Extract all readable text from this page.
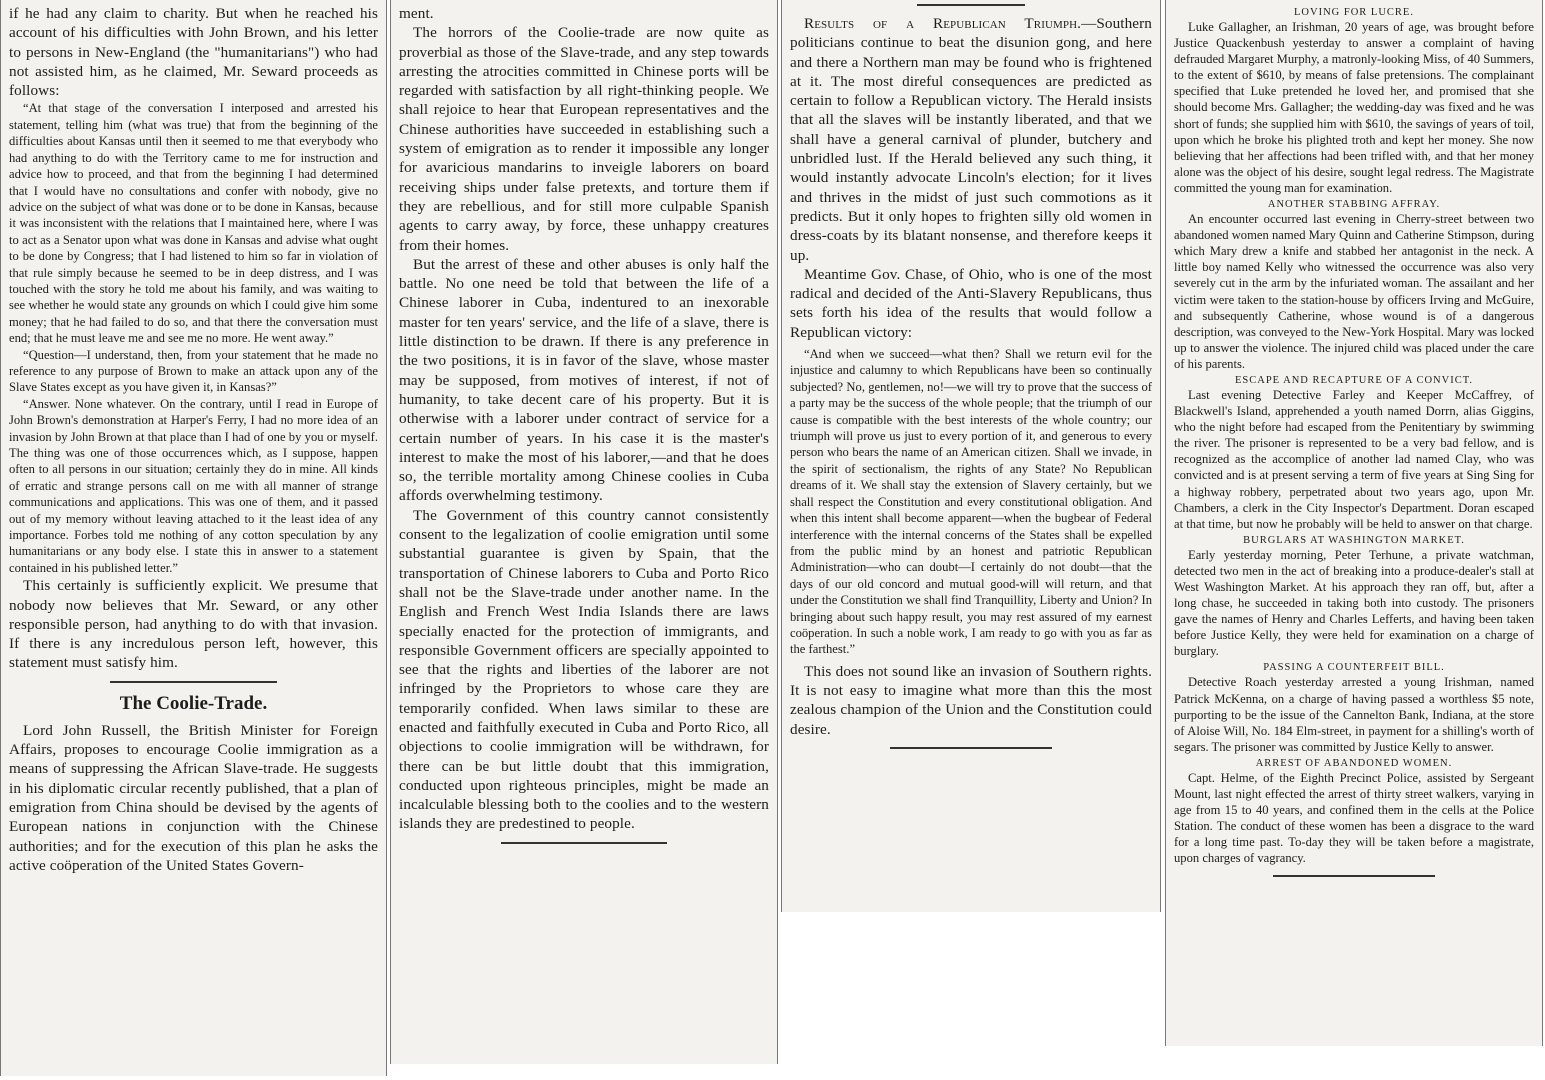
if he had any claim to charity. But when he reached his account of his difficulties with John Brown, and his letter to persons in New-England (the "humanitarians") who had not assisted him, as he claimed, Mr. Seward proceeds as follows:

“At that stage of the conversation I interposed and arrested his statement, telling him (what was true) that from the beginning of the difficulties about Kansas until then it seemed to me that everybody who had anything to do with the Territory came to me for instruction and advice how to proceed, and that from the beginning I had determined that I would have no consultations and confer with nobody, give no advice on the subject of what was done or to be done in Kansas, because it was inconsistent with the relations that I maintained here, where I was to act as a Senator upon what was done in Kansas and advise what ought to be done by Congress; that I had listened to him so far in violation of that rule simply because he seemed to be in deep distress, and I was touched with the story he told me about his family, and was waiting to see whether he would state any grounds on which I could give him some money; that he had failed to do so, and that there the conversation must end; that he must leave me and see me no more. He went away.”

“Question—I understand, then, from your statement that he made no reference to any purpose of Brown to make an attack upon any of the Slave States except as you have given it, in Kansas?”

“Answer. None whatever. On the contrary, until I read in Europe of John Brown's demonstration at Harper's Ferry, I had no more idea of an invasion by John Brown at that place than I had of one by you or myself. The thing was one of those occurrences which, as I suppose, happen often to all persons in our situation; certainly they do in mine. All kinds of erratic and strange persons call on me with all manner of strange communications and applications. This was one of them, and it passed out of my memory without leaving attached to it the least idea of any importance. Forbes told me nothing of any cotton speculation by any humanitarians or any body else. I state this in answer to a statement contained in his published letter.”

This certainly is sufficiently explicit. We presume that nobody now believes that Mr. Seward, or any other responsible person, had anything to do with that invasion. If there is any incredulous person left, however, this statement must satisfy him.

The Coolie-Trade.

Lord John Russell, the British Minister for Foreign Affairs, proposes to encourage Coolie immigration as a means of suppressing the African Slave-trade. He suggests in his diplomatic circular recently published, that a plan of emigration from China should be devised by the agents of European nations in conjunction with the Chinese authorities; and for the execution of this plan he asks the active coöperation of the United States Govern-

ment.

The horrors of the Coolie-trade are now quite as proverbial as those of the Slave-trade, and any step towards arresting the atrocities committed in Chinese ports will be regarded with satisfaction by all right-thinking people. We shall rejoice to hear that European representatives and the Chinese authorities have succeeded in establishing such a system of emigration as to render it impossible any longer for avaricious mandarins to inveigle laborers on board receiving ships under false pretexts, and torture them if they are rebellious, and for still more culpable Spanish agents to carry away, by force, these unhappy creatures from their homes.

But the arrest of these and other abuses is only half the battle. No one need be told that between the life of a Chinese laborer in Cuba, indentured to an inexorable master for ten years' service, and the life of a slave, there is little distinction to be drawn. If there is any preference in the two positions, it is in favor of the slave, whose master may be supposed, from motives of interest, if not of humanity, to take decent care of his property. But it is otherwise with a laborer under contract of service for a certain number of years. In his case it is the master's interest to make the most of his laborer,—and that he does so, the terrible mortality among Chinese coolies in Cuba affords overwhelming testimony.

The Government of this country cannot consistently consent to the legalization of coolie emigration until some substantial guarantee is given by Spain, that the transportation of Chinese laborers to Cuba and Porto Rico shall not be the Slave-trade under another name. In the English and French West India Islands there are laws specially enacted for the protection of immigrants, and responsible Government officers are specially appointed to see that the rights and liberties of the laborer are not infringed by the Proprietors to whose care they are temporarily confided. When laws similar to these are enacted and faithfully executed in Cuba and Porto Rico, all objections to coolie immigration will be withdrawn, for there can be but little doubt that this immigration, conducted upon righteous principles, might be made an incalculable blessing both to the coolies and to the western islands they are predestined to people.

Results of a Republican Triumph.—Southern politicians continue to beat the disunion gong, and here and there a Northern man may be found who is frightened at it. The most direful consequences are predicted as certain to follow a Republican victory. The Herald insists that all the slaves will be instantly liberated, and that we shall have a general carnival of plunder, butchery and unbridled lust. If the Herald believed any such thing, it would instantly advocate Lincoln's election; for it lives and thrives in the midst of just such commotions as it predicts. But it only hopes to frighten silly old women in dress-coats by its blatant nonsense, and therefore keeps it up.

Meantime Gov. Chase, of Ohio, who is one of the most radical and decided of the Anti-Slavery Republicans, thus sets forth his idea of the results that would follow a Republican victory:

“And when we succeed—what then? Shall we return evil for the injustice and calumny to which Republicans have been so continually subjected? No, gentlemen, no!—we will try to prove that the success of a party may be the success of the whole people; that the triumph of our cause is compatible with the best interests of the whole country; our triumph will prove us just to every portion of it, and generous to every person who bears the name of an American citizen. Shall we invade, in the spirit of sectionalism, the rights of any State? No Republican dreams of it. We shall stay the extension of Slavery certainly, but we shall respect the Constitution and every constitutional obligation. And when this intent shall become apparent—when the bugbear of Federal interference with the internal concerns of the States shall be expelled from the public mind by an honest and patriotic Republican Administration—who can doubt—I certainly do not doubt—that the days of our old concord and mutual good-will will return, and that under the Constitution we shall find Tranquillity, Liberty and Union? In bringing about such happy result, you may rest assured of my earnest coöperation. In such a noble work, I am ready to go with you as far as the farthest.”

This does not sound like an invasion of Southern rights. It is not easy to imagine what more than this the most zealous champion of the Union and the Constitution could desire.

LOVING FOR LUCRE.

Luke Gallagher, an Irishman, 20 years of age, was brought before Justice Quackenbush yesterday to answer a complaint of having defrauded Margaret Murphy, a matronly-looking Miss, of 40 Summers, to the extent of $610, by means of false pretensions. The complainant specified that Luke pretended he loved her, and promised that she should become Mrs. Gallagher; the wedding-day was fixed and he was short of funds; she supplied him with $610, the savings of years of toil, upon which he broke his plighted troth and kept her money. She now believing that her affections had been trifled with, and that her money alone was the object of his desire, sought legal redress. The Magistrate committed the young man for examination.

ANOTHER STABBING AFFRAY.

An encounter occurred last evening in Cherry-street between two abandoned women named Mary Quinn and Catherine Stimpson, during which Mary drew a knife and stabbed her antagonist in the neck. A little boy named Kelly who witnessed the occurrence was also very severely cut in the arm by the infuriated woman. The assailant and her victim were taken to the station-house by officers Irving and McGuire, and subsequently Catherine, whose wound is of a dangerous description, was conveyed to the New-York Hospital. Mary was locked up to answer the violence. The injured child was placed under the care of his parents.

ESCAPE AND RECAPTURE OF A CONVICT.

Last evening Detective Farley and Keeper McCaffrey, of Blackwell's Island, apprehended a youth named Dorrn, alias Giggins, who the night before had escaped from the Penitentiary by swimming the river. The prisoner is represented to be a very bad fellow, and is recognized as the accomplice of another lad named Clay, who was convicted and is at present serving a term of five years at Sing Sing for a highway robbery, perpetrated about two years ago, upon Mr. Chambers, a clerk in the City Inspector's Department. Doran escaped at that time, but now he probably will be held to answer on that charge.

BURGLARS AT WASHINGTON MARKET.

Early yesterday morning, Peter Terhune, a private watchman, detected two men in the act of breaking into a produce-dealer's stall at West Washington Market. At his approach they ran off, but, after a long chase, he succeeded in taking both into custody. The prisoners gave the names of Henry and Charles Lefferts, and having been taken before Justice Kelly, they were held for examination on a charge of burglary.

PASSING A COUNTERFEIT BILL.

Detective Roach yesterday arrested a young Irishman, named Patrick McKenna, on a charge of having passed a worthless $5 note, purporting to be the issue of the Cannelton Bank, Indiana, at the store of Aloise Will, No. 184 Elm-street, in payment for a shilling's worth of segars. The prisoner was committed by Justice Kelly to answer.

ARREST OF ABANDONED WOMEN.

Capt. Helme, of the Eighth Precinct Police, assisted by Sergeant Mount, last night effected the arrest of thirty street walkers, varying in age from 15 to 40 years, and confined them in the cells at the Police Station. The conduct of these women has been a disgrace to the ward for a long time past. To-day they will be taken before a magistrate, upon charges of vagrancy.
